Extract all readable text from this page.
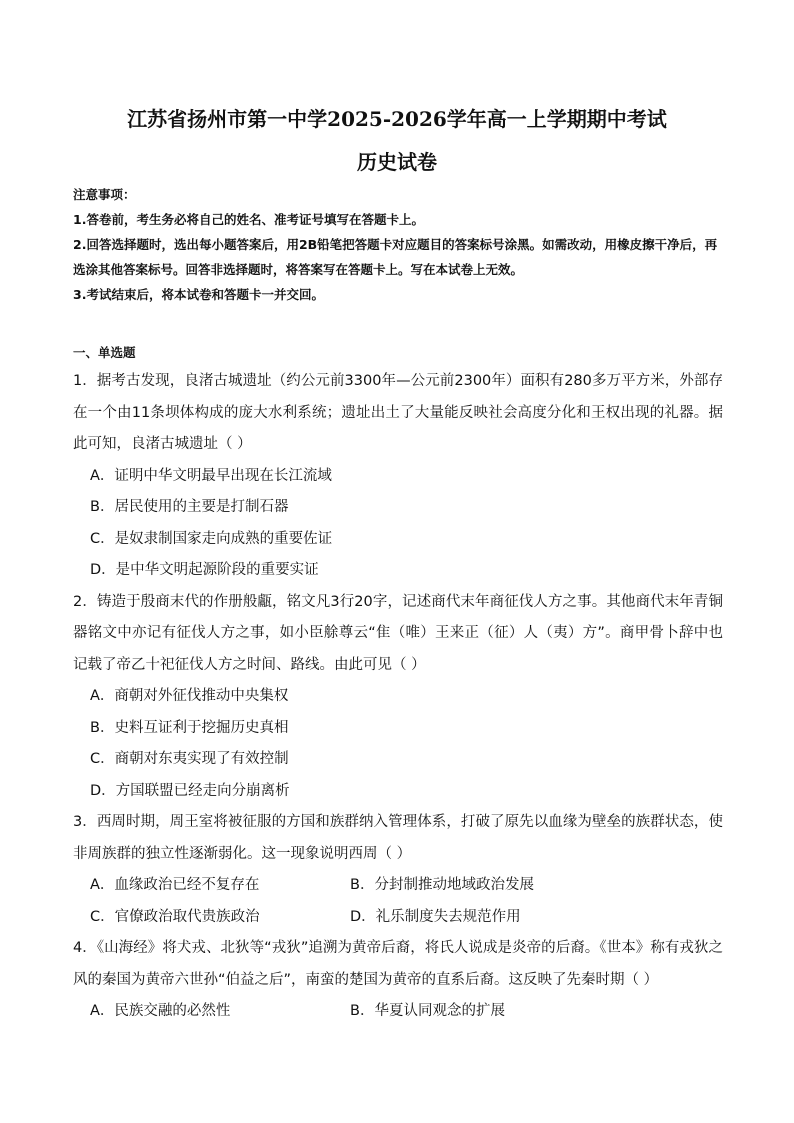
江苏省扬州市第一中学2025-2026学年高一上学期期中考试
历史试卷
注意事项：
1.答卷前，考生务必将自己的姓名、准考证号填写在答题卡上。
2.回答选择题时，选出每小题答案后，用2B铅笔把答题卡对应题目的答案标号涂黑。如需改动，用橡皮擦干净后，再选涂其他答案标号。回答非选择题时，将答案写在答题卡上。写在本试卷上无效。
3.考试结束后，将本试卷和答题卡一并交回。
一、单选题
1．据考古发现，良渚古城遗址（约公元前3300年—公元前2300年）面积有280多万平方米，外部存在一个由11条坝体构成的庞大水利系统；遗址出土了大量能反映社会高度分化和王权出现的礼器。据此可知，良渚古城遗址（ ）
A．证明中华文明最早出现在长江流域
B．居民使用的主要是打制石器
C．是奴隶制国家走向成熟的重要佐证
D．是中华文明起源阶段的重要实证
2．铸造于殷商末代的作册般甗，铭文凡3行20字，记述商代末年商征伐人方之事。其他商代末年青铜器铭文中亦记有征伐人方之事，如小臣艅尊云“隹（唯）王来正（征）人（夷）方”。商甲骨卜辞中也记载了帝乙十祀征伐人方之时间、路线。由此可见（ ）
A．商朝对外征伐推动中央集权
B．史料互证利于挖掘历史真相
C．商朝对东夷实现了有效控制
D．方国联盟已经走向分崩离析
3．西周时期，周王室将被征服的方国和族群纳入管理体系，打破了原先以血缘为壁垒的族群状态，使非周族群的独立性逐渐弱化。这一现象说明西周（ ）
A．血缘政治已经不复存在	B．分封制推动地域政治发展
C．官僚政治取代贵族政治	D．礼乐制度失去规范作用
4．《山海经》将犬戎、北狄等“戎狄”追溯为黄帝后裔，将氏人说成是炎帝的后裔。《世本》称有戎狄之风的秦国为黄帝六世孙“伯益之后”，南蛮的楚国为黄帝的直系后裔。这反映了先秦时期（ ）
A．民族交融的必然性	B．华夏认同观念的扩展
